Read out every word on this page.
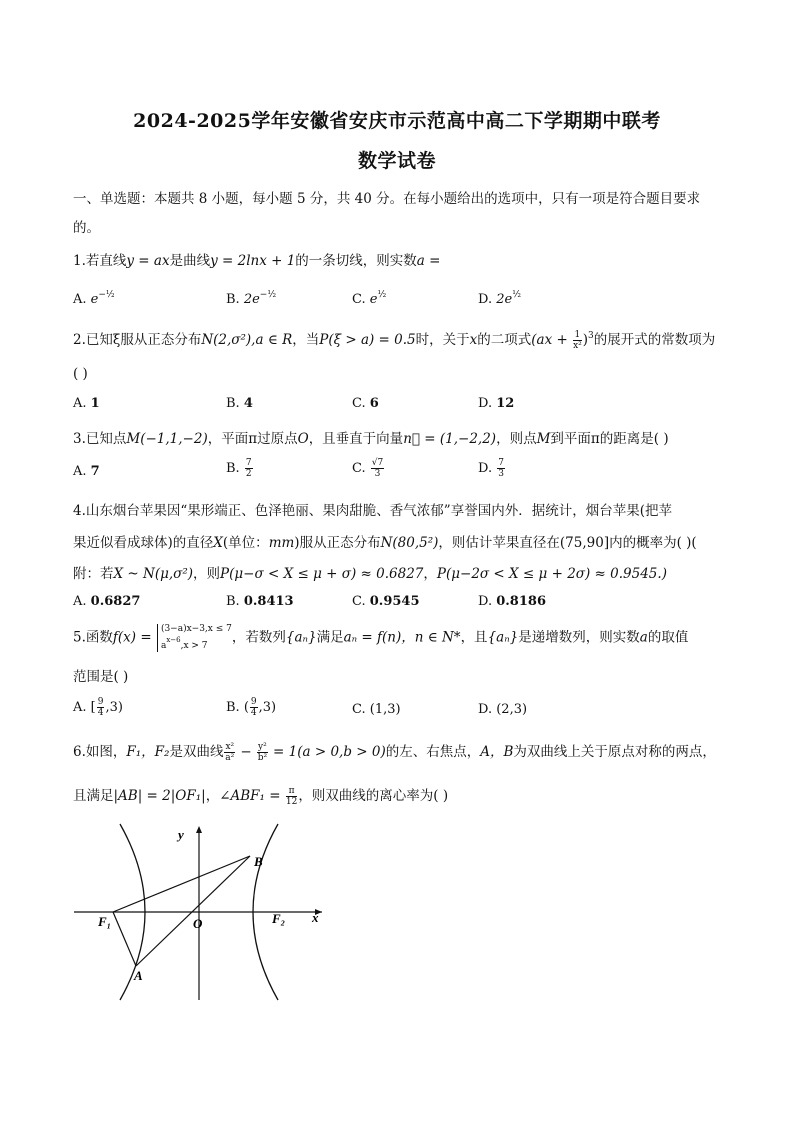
2024-2025学年安徽省安庆市示范高中高二下学期期中联考
数学试卷
一、单选题：本题共 8 小题，每小题 5 分，共 40 分。在每小题给出的选项中，只有一项是符合题目要求
的。
1.若直线y = ax是曲线y = 2lnx + 1的一条切线，则实数a =
A. $e^{-\frac{1}{2}}$	B. $2e^{-\frac{1}{2}}$	C. $e^{\frac{1}{2}}$	D. $2e^{\frac{1}{2}}$
2.已知ξ服从正态分布N(2,σ²),a ∈ R，当P(ξ > a) = 0.5时，关于x的二项式$(ax + \frac{1}{\text{x²}} )^3$的展开式的常数项为
( )
A. 1	B. 4	C. 6	D. 12
3.已知点M(−1,1,−2)，平面π过原点O，且垂直于向量n⃗ = (1,−2,2)，则点M到平面π的距离是( )
A. 7	B. $\frac{7}{2}$	C. $\frac{√7}{3}$	D. $\frac{7}{3}$
4.山东烟台苹果因“果形端正、色泽艳丽、果肉甜脆、香气浓郁”享誉国内外．据统计，烟台苹果(把苹
果近似看成球体)的直径X(单位：mm)服从正态分布N(80,5²)，则估计苹果直径在(75,90]内的概率为( )(
附：若X ~ N(μ,σ²)，则P(μ−σ < X ≤ μ + σ) ≈ 0.6827，P(μ−2σ < X ≤ μ + 2σ) ≈ 0.9545.)
A. 0.6827	B. 0.8413	C. 0.9545	D. 0.8186
5.函数f(x) =
(3−a)x−3,x ≤ 7
$a^{x-6},x > 7$
，若数列{aₙ}满足aₙ = f(n)，n ∈ N*，且{aₙ}是递增数列，则实数a的取值
范围是( )
A. [ $\frac{9}{4} ,3$)	B. ( $\frac{9}{4} ,3$)	C. (1,3)	D. (2,3)
6.如图，F₁，F₂是双曲线 $\frac{\text{x²}}{\text{a²}} - \frac{\text{y²}}{\text{b²}} = 1(a > 0,b > 0)$的左、右焦点，A，B为双曲线上关于原点对称的两点，
且满足|AB| = 2|OF₁|，∠ABF₁ = $\frac{\pi}{12}$ ，则双曲线的离心率为( )
y
x
O
F₁	F₂
A
B
